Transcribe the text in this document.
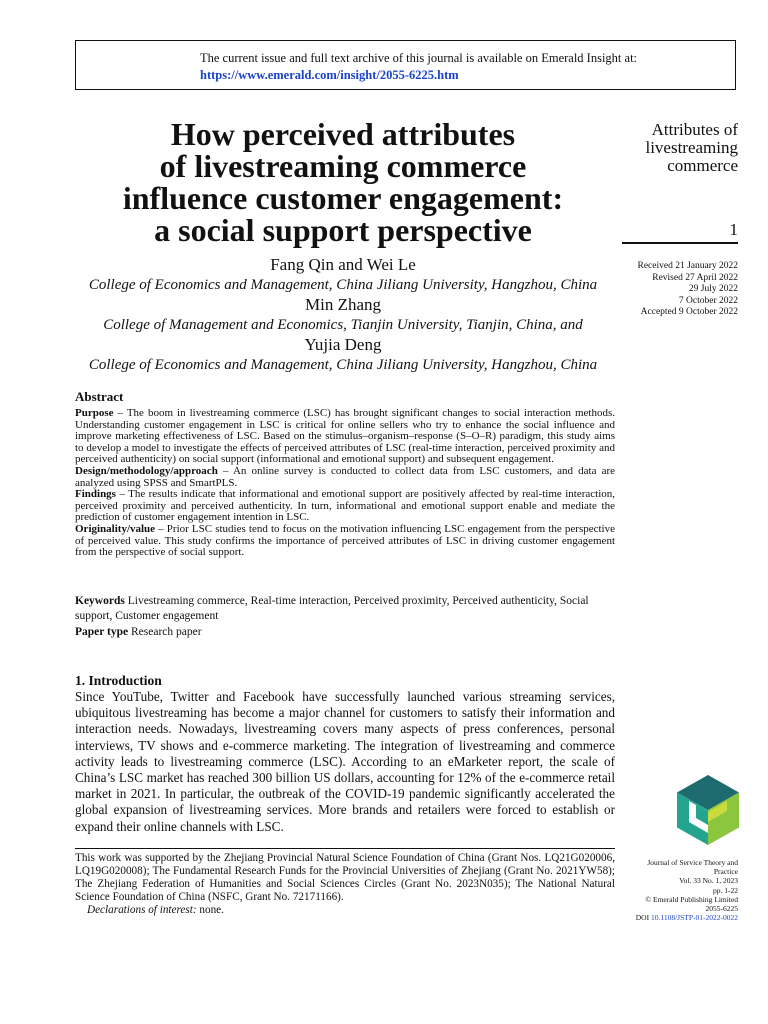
The current issue and full text archive of this journal is available on Emerald Insight at:
https://www.emerald.com/insight/2055-6225.htm
How perceived attributes
of livestreaming commerce
influence customer engagement:
a social support perspective
Attributes of
livestreaming
commerce
1
Fang Qin and Wei Le
College of Economics and Management, China Jiliang University, Hangzhou, China
Min Zhang
College of Management and Economics, Tianjin University, Tianjin, China, and
Yujia Deng
College of Economics and Management, China Jiliang University, Hangzhou, China
Received 21 January 2022
Revised 27 April 2022
29 July 2022
7 October 2022
Accepted 9 October 2022
Abstract

Purpose – The boom in livestreaming commerce (LSC) has brought significant changes to social interaction methods. Understanding customer engagement in LSC is critical for online sellers who try to enhance the social influence and improve marketing effectiveness of LSC. Based on the stimulus–organism–response (S–O–R) paradigm, this study aims to develop a model to investigate the effects of perceived attributes of LSC (real-time interaction, perceived proximity and perceived authenticity) on social support (informational and emotional support) and subsequent engagement.

Design/methodology/approach – An online survey is conducted to collect data from LSC customers, and data are analyzed using SPSS and SmartPLS.

Findings – The results indicate that informational and emotional support are positively affected by real-time interaction, perceived proximity and perceived authenticity. In turn, informational and emotional support enable and mediate the prediction of customer engagement intention in LSC.

Originality/value – Prior LSC studies tend to focus on the motivation influencing LSC engagement from the perspective of perceived value. This study confirms the importance of perceived attributes of LSC in driving customer engagement from the perspective of social support.

Keywords Livestreaming commerce, Real-time interaction, Perceived proximity, Perceived authenticity, Social support, Customer engagement
Paper type Research paper
1. Introduction
Since YouTube, Twitter and Facebook have successfully launched various streaming services, ubiquitous livestreaming has become a major channel for customers to satisfy their information and interaction needs. Nowadays, livestreaming covers many aspects of press conferences, personal interviews, TV shows and e-commerce marketing. The integration of livestreaming and commerce activity leads to livestreaming commerce (LSC). According to an eMarketer report, the scale of China’s LSC market has reached 300 billion US dollars, accounting for 12% of the e-commerce retail market in 2021. In particular, the outbreak of the COVID-19 pandemic significantly accelerated the global expansion of livestreaming services. More brands and retailers were forced to establish or expand their online channels with LSC.
This work was supported by the Zhejiang Provincial Natural Science Foundation of China (Grant Nos. LQ21G020006, LQ19G020008); The Fundamental Research Funds for the Provincial Universities of Zhejiang (Grant No. 2021YW58); The Zhejiang Federation of Humanities and Social Sciences Circles (Grant No. 2023N035); The National Natural Science Foundation of China (NSFC, Grant No. 72171166).
Declarations of interest: none.
Journal of Service Theory and
Practice
Vol. 33 No. 1, 2023
pp. 1-22
© Emerald Publishing Limited
2055-6225
DOI 10.1108/JSTP-01-2022-0022
